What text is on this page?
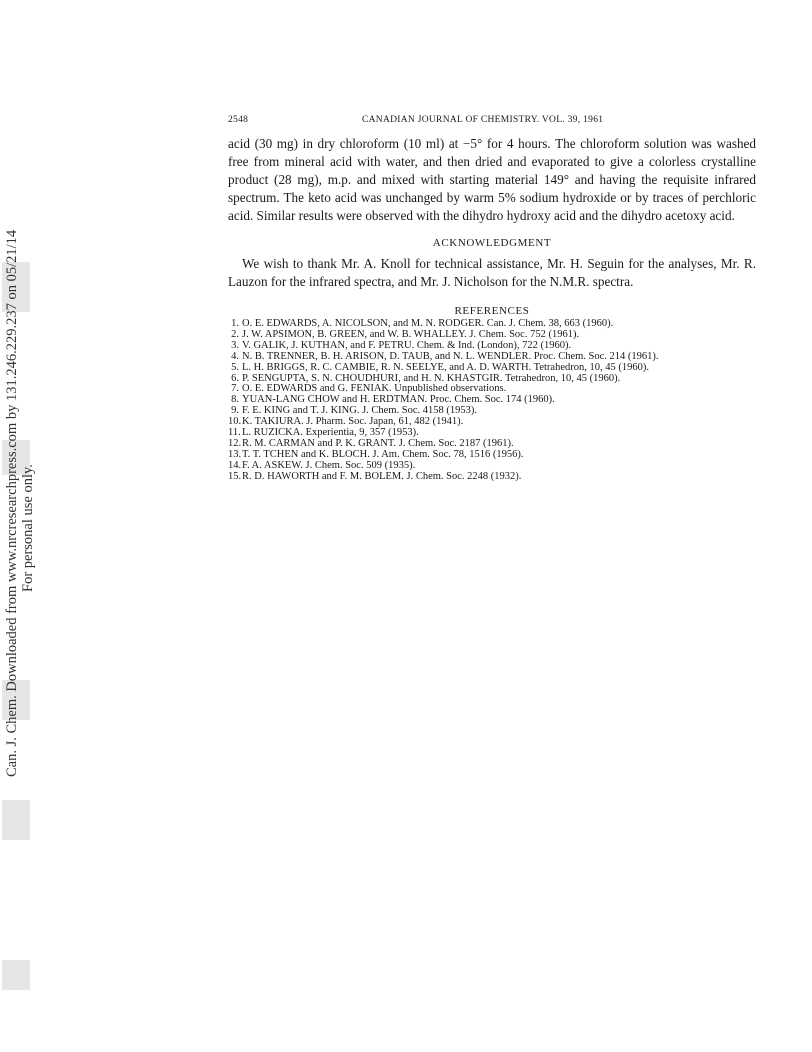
Can. J. Chem. Downloaded from www.nrcresearchpress.com by 131.246.229.237 on 05/21/14 For personal use only.
2548	CANADIAN JOURNAL OF CHEMISTRY. VOL. 39, 1961

acid (30 mg) in dry chloroform (10 ml) at −5° for 4 hours. The chloroform solution was washed free from mineral acid with water, and then dried and evaporated to give a colorless crystalline product (28 mg), m.p. and mixed with starting material 149° and having the requisite infrared spectrum. The keto acid was unchanged by warm 5% sodium hydroxide or by traces of perchloric acid. Similar results were observed with the dihydro hydroxy acid and the dihydro acetoxy acid.

ACKNOWLEDGMENT

We wish to thank Mr. A. Knoll for technical assistance, Mr. H. Seguin for the analyses, Mr. R. Lauzon for the infrared spectra, and Mr. J. Nicholson for the N.M.R. spectra.

REFERENCES
1. O. E. EDWARDS, A. NICOLSON, and M. N. RODGER. Can. J. Chem. 38, 663 (1960).
2. J. W. APSIMON, B. GREEN, and W. B. WHALLEY. J. Chem. Soc. 752 (1961).
3. V. GALIK, J. KUTHAN, and F. PETRU. Chem. & Ind. (London), 722 (1960).
4. N. B. TRENNER, B. H. ARISON, D. TAUB, and N. L. WENDLER. Proc. Chem. Soc. 214 (1961).
5. L. H. BRIGGS, R. C. CAMBIE, R. N. SEELYE, and A. D. WARTH. Tetrahedron, 10, 45 (1960).
6. P. SENGUPTA, S. N. CHOUDHURI, and H. N. KHASTGIR. Tetrahedron, 10, 45 (1960).
7. O. E. EDWARDS and G. FENIAK. Unpublished observations.
8. YUAN-LANG CHOW and H. ERDTMAN. Proc. Chem. Soc. 174 (1960).
9. F. E. KING and T. J. KING. J. Chem. Soc. 4158 (1953).
10. K. TAKIURA. J. Pharm. Soc. Japan, 61, 482 (1941).
11. L. RUZICKA. Experientia, 9, 357 (1953).
12. R. M. CARMAN and P. K. GRANT. J. Chem. Soc. 2187 (1961).
13. T. T. TCHEN and K. BLOCH. J. Am. Chem. Soc. 78, 1516 (1956).
14. F. A. ASKEW. J. Chem. Soc. 509 (1935).
15. R. D. HAWORTH and F. M. BOLEM. J. Chem. Soc. 2248 (1932).
